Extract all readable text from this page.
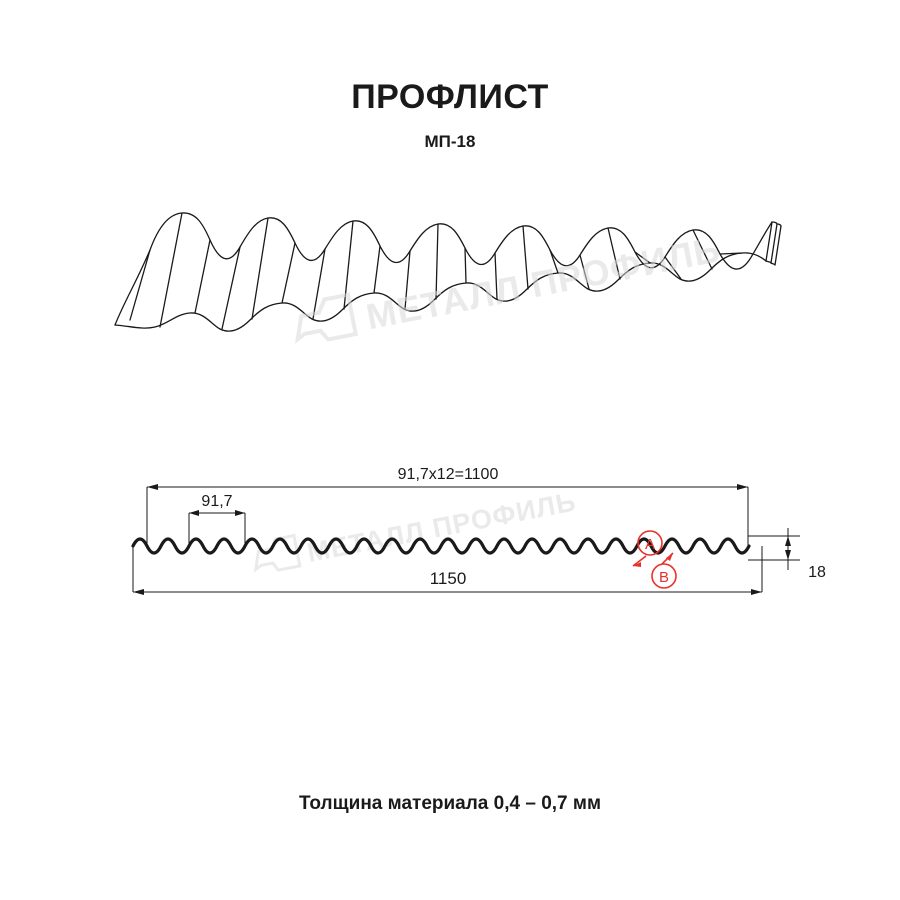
ПРОФЛИСТ
МП-18
МЕТАЛЛ ПРОФИЛЬ
МЕТАЛЛ ПРОФИЛЬ
91,7х12=1100
91,7
1150	18
A
B
Толщина материала 0,4 – 0,7 мм
